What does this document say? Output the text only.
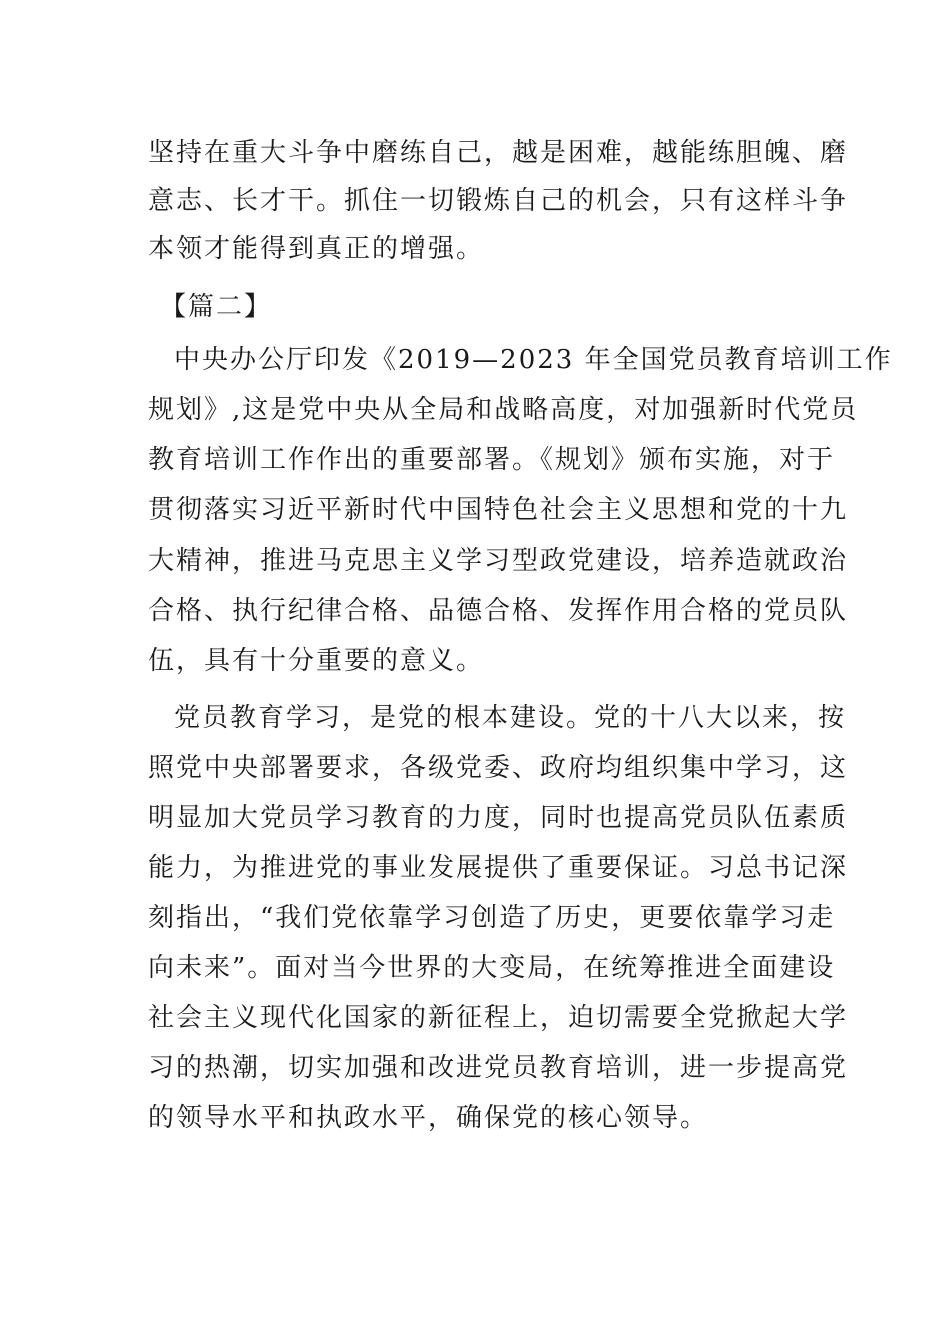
坚持在重大斗争中磨练自己，越是困难，越能练胆魄、磨
意志、长才干。抓住一切锻炼自己的机会，只有这样斗争
本领才能得到真正的增强。
【篇二】
中央办公厅印发《2019—2023 年全国党员教育培训工作
规划》,这是党中央从全局和战略高度，对加强新时代党员
教育培训工作作出的重要部署。《规划》颁布实施，对于
贯彻落实习近平新时代中国特色社会主义思想和党的十九
大精神，推进马克思主义学习型政党建设，培养造就政治
合格、执行纪律合格、品德合格、发挥作用合格的党员队
伍，具有十分重要的意义。
党员教育学习，是党的根本建设。党的十八大以来，按
照党中央部署要求，各级党委、政府均组织集中学习，这
明显加大党员学习教育的力度，同时也提高党员队伍素质
能力，为推进党的事业发展提供了重要保证。习总书记深
刻指出，“我们党依靠学习创造了历史，更要依靠学习走
向未来”。面对当今世界的大变局，在统筹推进全面建设
社会主义现代化国家的新征程上，迫切需要全党掀起大学
习的热潮，切实加强和改进党员教育培训，进一步提高党
的领导水平和执政水平，确保党的核心领导。
